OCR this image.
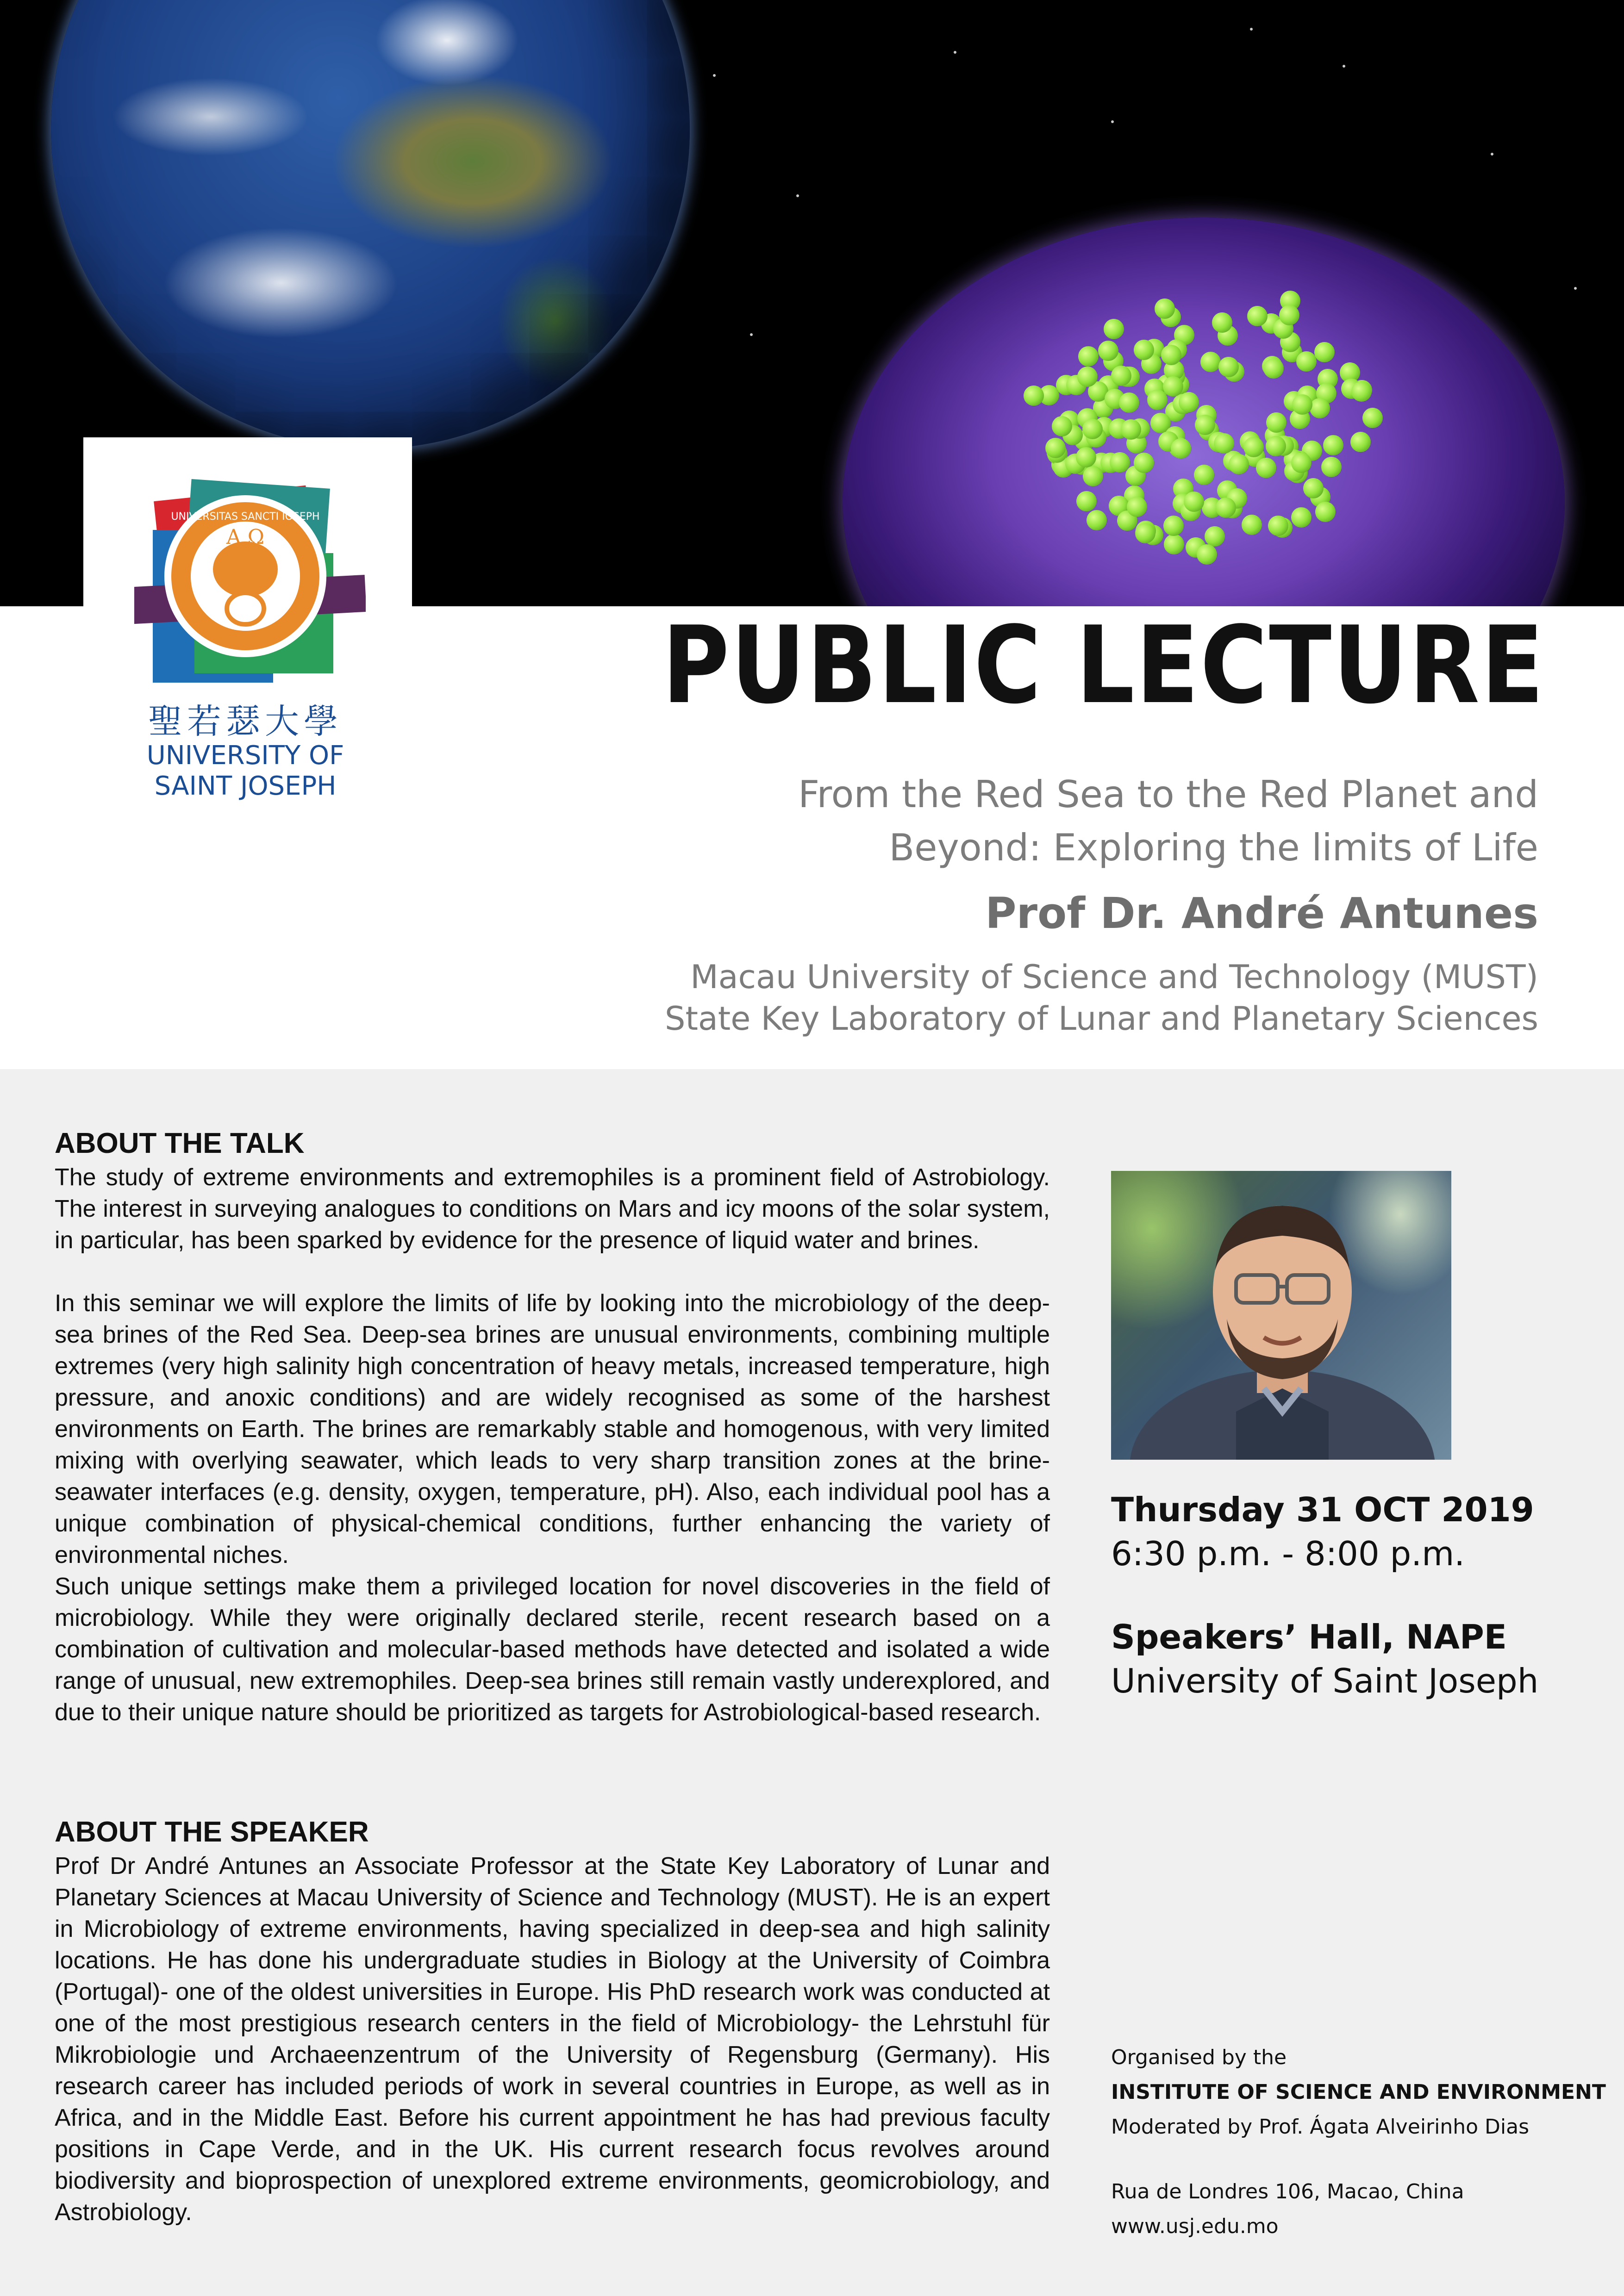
Α Ω
UNIVERSITAS SANCTI IOSEPH
聖若瑟大學
UNIVERSITY OF
SAINT JOSEPH
PUBLIC LECTURE
From the Red Sea to the Red Planet and
Beyond: Exploring the limits of Life
Prof Dr. André Antunes
Macau University of Science and Technology (MUST)
State Key Laboratory of Lunar and Planetary Sciences
ABOUT THE TALK

The study of extreme environments and extremophiles is a prominent field of Astrobiology. The interest in surveying analogues to conditions on Mars and icy moons of the solar system, in particular, has been sparked by evidence for the presence of liquid water and brines.

In this seminar we will explore the limits of life by looking into the microbiology of the deep-sea brines of the Red Sea. Deep-sea brines are unusual environments, combining multiple extremes (very high salinity high concentration of heavy metals, increased temperature, high pressure, and anoxic conditions) and are widely recognised as some of the harshest environments on Earth. The brines are remarkably stable and homogenous, with very limited mixing with overlying seawater, which leads to very sharp transition zones at the brine-seawater interfaces (e.g. density, oxygen, temperature, pH). Also, each individual pool has a unique combination of physical-chemical conditions, further enhancing the variety of environmental niches.

Such unique settings make them a privileged location for novel discoveries in the field of microbiology. While they were originally declared sterile, recent research based on a combination of cultivation and molecular-based methods have detected and isolated a wide range of unusual, new extremophiles. Deep-sea brines still remain vastly underexplored, and due to their unique nature should be prioritized as targets for Astrobiological-based research.

ABOUT THE SPEAKER

Prof Dr André Antunes an Associate Professor at the State Key Laboratory of Lunar and Planetary Sciences at Macau University of Science and Technology (MUST). He is an expert in Microbiology of extreme environments, having specialized in deep-sea and high salinity locations. He has done his undergraduate studies in Biology at the University of Coimbra (Portugal)- one of the oldest universities in Europe. His PhD research work was conducted at one of the most prestigious research centers in the field of Microbiology- the Lehrstuhl für Mikrobiologie und Archaeenzentrum of the University of Regensburg (Germany). His research career has included periods of work in several countries in Europe, as well as in Africa, and in the Middle East. Before his current appointment he has had previous faculty positions in Cape Verde, and in the UK. His current research focus revolves around biodiversity and bioprospection of unexplored extreme environments, geomicrobiology, and Astrobiology.

Thursday 31 OCT 2019
6:30 p.m. - 8:00 p.m.
Speakers’ Hall, NAPE
University of Saint Joseph
Organised by the
INSTITUTE OF SCIENCE AND ENVIRONMENT
Moderated by Prof. Ágata Alveirinho Dias
Rua de Londres 106, Macao, China
www.usj.edu.mo
